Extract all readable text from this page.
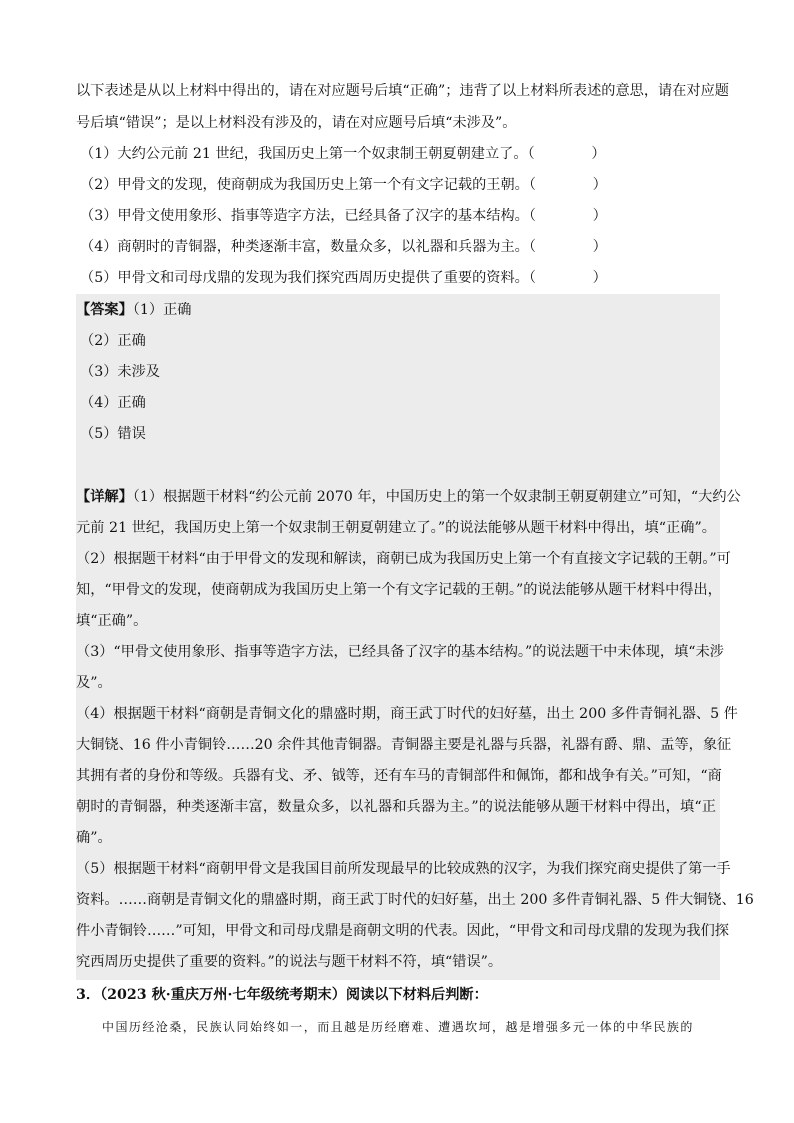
以下表述是从以上材料中得出的，请在对应题号后填“正确”；违背了以上材料所表述的意思，请在对应题
号后填“错误”；是以上材料没有涉及的，请在对应题号后填“未涉及”。
（1）大约公元前 21 世纪，我国历史上第一个奴隶制王朝夏朝建立了。（　　　　）
（2）甲骨文的发现，使商朝成为我国历史上第一个有文字记载的王朝。（　　　　）
（3）甲骨文使用象形、指事等造字方法，已经具备了汉字的基本结构。（　　　　）
（4）商朝时的青铜器，种类逐渐丰富，数量众多，以礼器和兵器为主。（　　　　）
（5）甲骨文和司母戊鼎的发现为我们探究西周历史提供了重要的资料。（　　　　）
【答案】（1）正确
（2）正确
（3）未涉及
（4）正确
（5）错误
【详解】（1）根据题干材料“约公元前 2070 年，中国历史上的第一个奴隶制王朝夏朝建立”可知，“大约公
元前 21 世纪，我国历史上第一个奴隶制王朝夏朝建立了。”的说法能够从题干材料中得出，填“正确”。
（2）根据题干材料“由于甲骨文的发现和解读，商朝已成为我国历史上第一个有直接文字记载的王朝。”可
知，“甲骨文的发现，使商朝成为我国历史上第一个有文字记载的王朝。”的说法能够从题干材料中得出，
填“正确”。
（3）“甲骨文使用象形、指事等造字方法，已经具备了汉字的基本结构。”的说法题干中未体现，填“未涉
及”。
（4）根据题干材料“商朝是青铜文化的鼎盛时期，商王武丁时代的妇好墓，出土 200 多件青铜礼器、5 件
大铜铙、16 件小青铜铃……20 余件其他青铜器。青铜器主要是礼器与兵器，礼器有爵、鼎、盂等，象征
其拥有者的身份和等级。兵器有戈、矛、钺等，还有车马的青铜部件和佩饰，都和战争有关。”可知，“商
朝时的青铜器，种类逐渐丰富，数量众多，以礼器和兵器为主。”的说法能够从题干材料中得出，填“正
确”。
（5）根据题干材料“商朝甲骨文是我国目前所发现最早的比较成熟的汉字，为我们探究商史提供了第一手
资料。……商朝是青铜文化的鼎盛时期，商王武丁时代的妇好墓，出土 200 多件青铜礼器、5 件大铜铙、16
件小青铜铃……”可知，甲骨文和司母戊鼎是商朝文明的代表。因此，“甲骨文和司母戊鼎的发现为我们探
究西周历史提供了重要的资料。”的说法与题干材料不符，填“错误”。
3．（2023 秋·重庆万州·七年级统考期末）阅读以下材料后判断：
中国历经沧桑，民族认同始终如一，而且越是历经磨难、遭遇坎坷，越是增强多元一体的中华民族的
